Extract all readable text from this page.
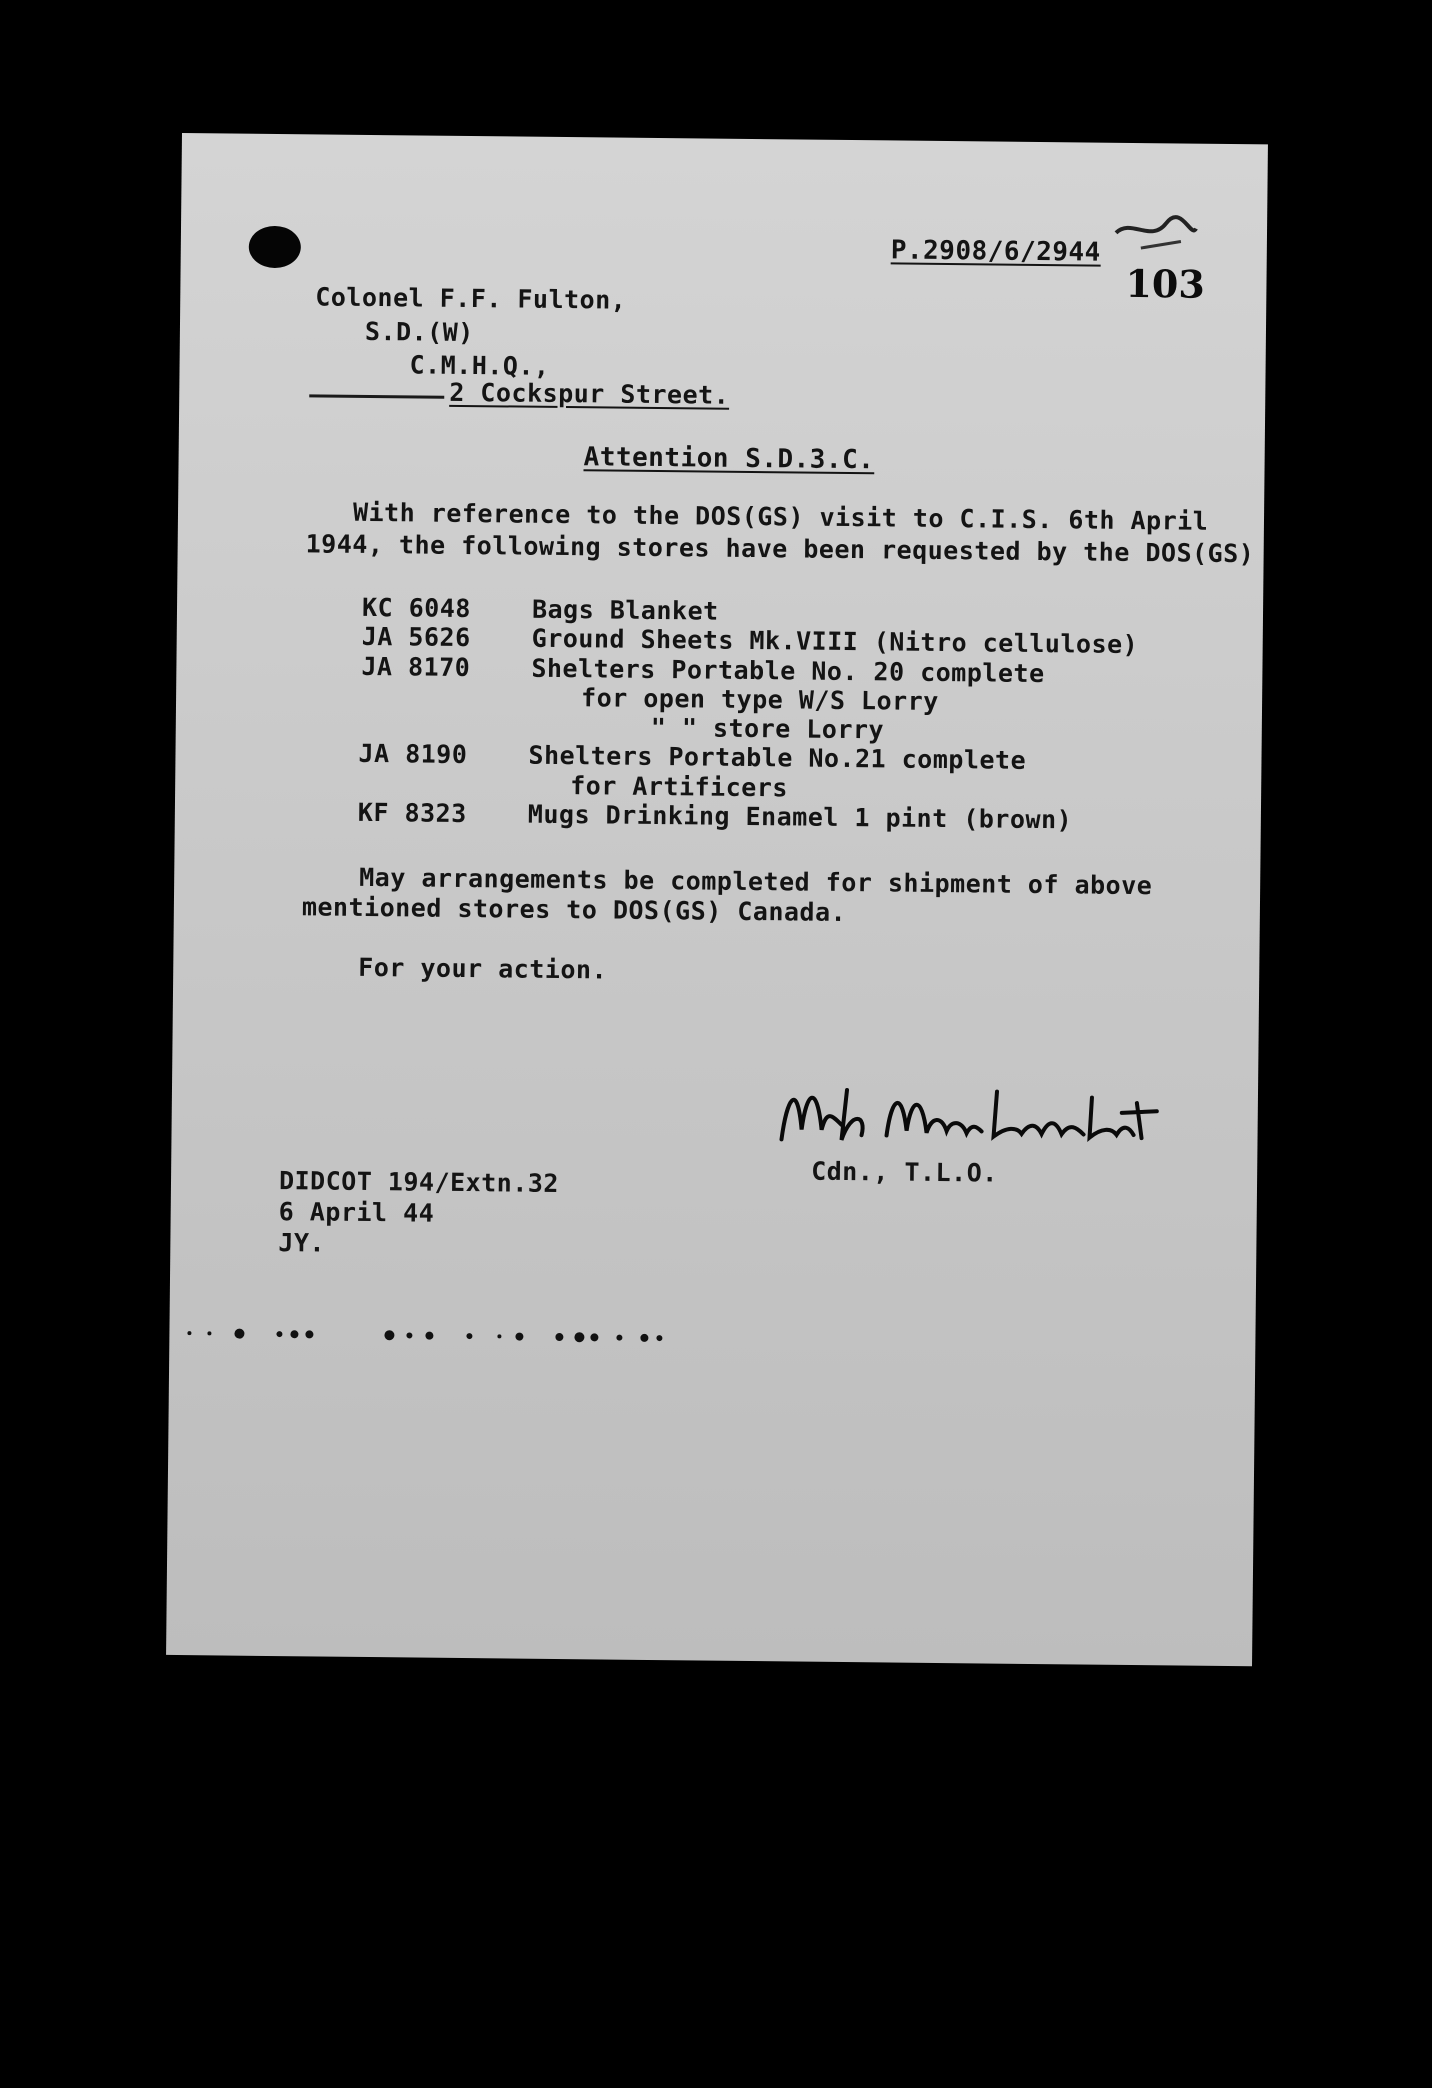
103
P.2908/6/2944
Colonel F.F. Fulton,
S.D.(W)
C.M.H.Q.,
2 Cockspur Street.
Attention S.D.3.C.
With reference to the DOS(GS) visit to C.I.S. 6th April
1944, the following stores have been requested by the DOS(GS)
KC 6048 Bags Blanket
JA 5626 Ground Sheets Mk.VIII (Nitro cellulose)
JA 8170 Shelters Portable No. 20 complete
for open type W/S Lorry
" " store Lorry
JA 8190 Shelters Portable No.21 complete
for Artificers
KF 8323 Mugs Drinking Enamel 1 pint (brown)
May arrangements be completed for shipment of above
mentioned stores to DOS(GS) Canada.
For your action.
Cdn., T.L.O.
DIDCOT 194/Extn.32
6 April 44
JY.
